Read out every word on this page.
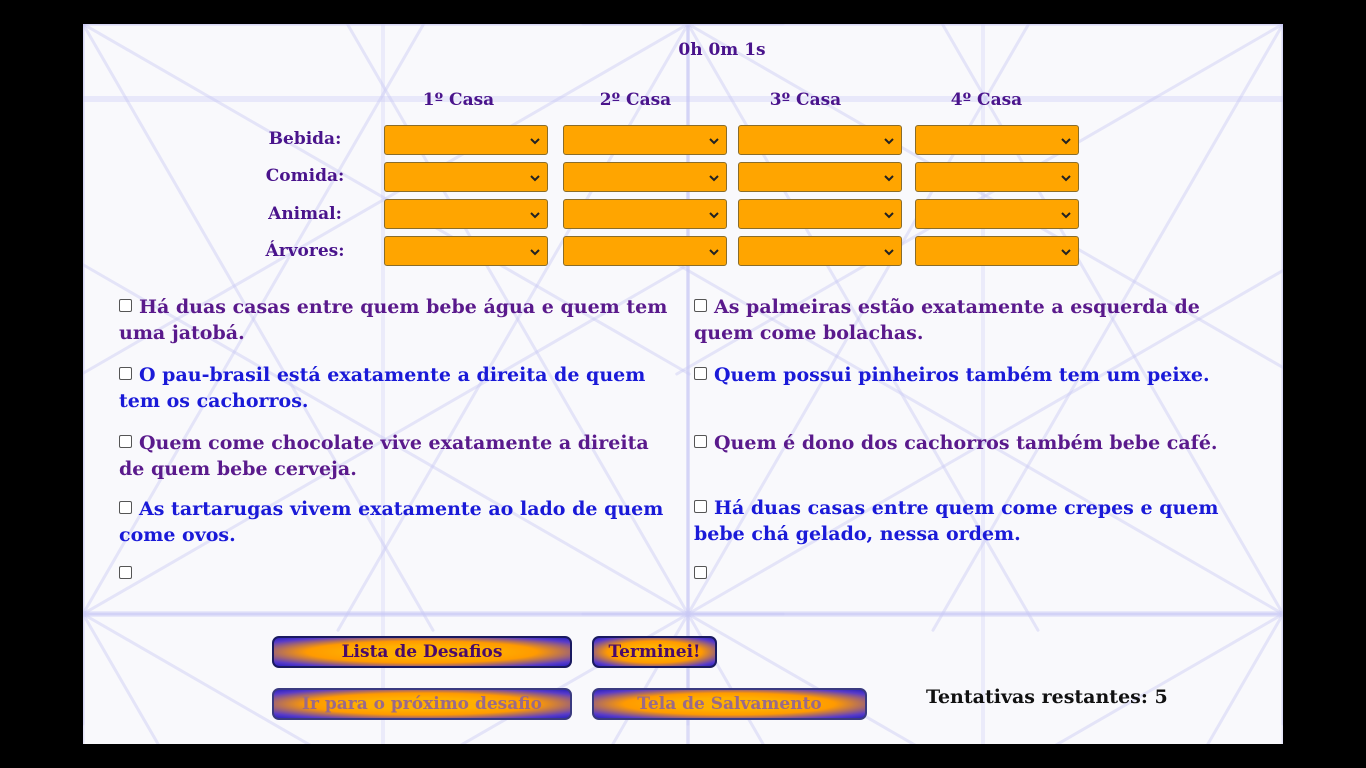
0h 0m 1s
1º Casa	2º Casa	3º Casa	4º Casa
Bebida:
Comida:
Animal:
Árvores:
Há duas casas entre quem bebe água e quem tem uma jatobá.
O pau-brasil está exatamente a direita de quem tem os cachorros.
Quem come chocolate vive exatamente a direita de quem bebe cerveja.
As tartarugas vivem exatamente ao lado de quem come ovos.
As palmeiras estão exatamente a esquerda de quem come bolachas.
Quem possui pinheiros também tem um peixe.
Quem é dono dos cachorros também bebe café.
Há duas casas entre quem come crepes e quem bebe chá gelado, nessa ordem.
Lista de Desafios	Terminei!
Ir para o próximo desafio	Tela de Salvamento	Tentativas restantes: 5
